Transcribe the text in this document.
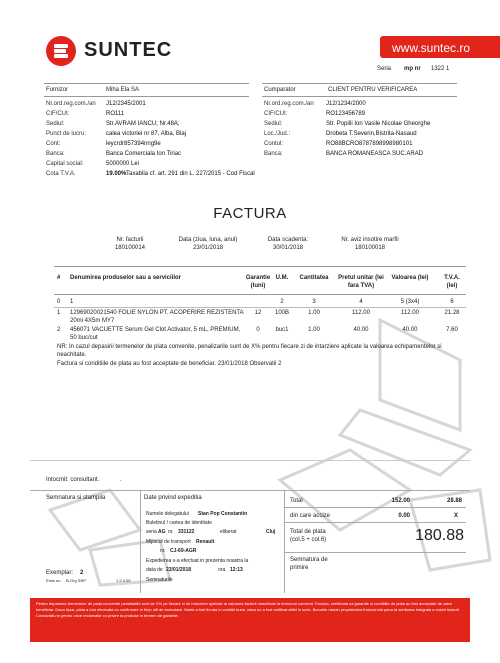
SUNTEC	www.suntec.ro
Seria mp nr 1322 1
Furnizor	Miha Ela SA	Cumparator	CLIENT PENTRU VERIFICAREA
Nr.ord.reg.com./an J12/2345/2001
CIF/CUI:	RO111
Sediul:	Str.AVRAM IANCU; Nr.48A;
Punct de lucru:	calea victoriei nr 87, Alba, Blaj
Cont:	leycrdr857394nng9e
Banca:	Banca Comerciala Ion Tiriac
Capital social:	5000000 Lei
Cota T.V.A.	19.00% Taxabila cf. art. 291 din L. 227/2015 - Cod Fiscal
Nr.ord.reg.com./an J12/1234/2000
CIF/CUI:	RO123456789
Sediul:	Str. Popilii Ion Vasile Nicolae Gheorghe
Loc./Jud.:	Drobeta T.Severin,Bistrita-Nasaud
Contul:	RO88BCRO8787898998980101
Banca:	BANCA ROMANEASCA SUC.ARAD
FACTURA
Nr. facturii
180100014
Data (ziua, luna, anul)
23/01/2018
Data scadenta:
30/01/2018
Nr. aviz insotire marfii
180100018
# Denumirea produselor sau a serviciilor	Garantie (luni)
U.M.	Cantitatea	Pretul unitar (lei fara TVA)
Valoarea (lei)	T.V.A. (lei)
0 1	2	3	4	5 (3x4)	6
1 12969020021540 FOLIE NYLON PT. ACOPERIRE REZISTENTA 20mi 4X5m MY7
12	100B	1.00	112.00	112.00	21.28
2 456071 VACUETTE Serum Gel Clot Activator, 5 mL, PREMIUM, 50 buc/cut
0	buc1	1.00	40.00	40.00	7.60
NR: In cazul depasirii termenelor de plata convenite, penalizarile sunt de X% pentru fiecare zi de intarziere aplicate la valoarea echipamentelor si neachitate.
Factura si conditiile de plata au fost acceptate de beneficiar. 23/01/2018 Observatii 2
Intocmit: consultant.	.
Semnatura si stampila	Date privind expeditia
Numele delegatului Stan Pop Constantin
Buletinul / cartea de identitate
seria AG nr. 331122	eliberat	Cluj
Mijlocul de transport Renault
nr. CJ-69-AGR
Expedierea s-a efectuat in prezenta noastra la
data de 23/01/2018	ora 12:13
Semnaturile
Total	152.00	28.88
din care accize	0.00	X
Total de plata
(col.5 + col.6)	180.88
Semnatura de primire
Exemplar: 2
Emis nu B-Org SRP	1.2.4.05
Pentru depasirea termenelor de plata convenite penalitatile sunt de X% pe fiecare zi de intarziere aplicate la valoarea facturii neachitate la termenul convenit. Factura, certificata ca garantie si conditiile de plata au fost acceptate de catre beneficiar. Daca lipsa, plata a fost efectuata cu confirmare in timp util de executare. Marfa a fost livrata in conditii bune, daca nu a fost notificat altfel in scris. Bunurile raman proprietatea furnizorului pana la achitarea integrala a valorii facturii. Contactati-ne pentru orice reclamatie cu privire la produse in termen de garantie.
